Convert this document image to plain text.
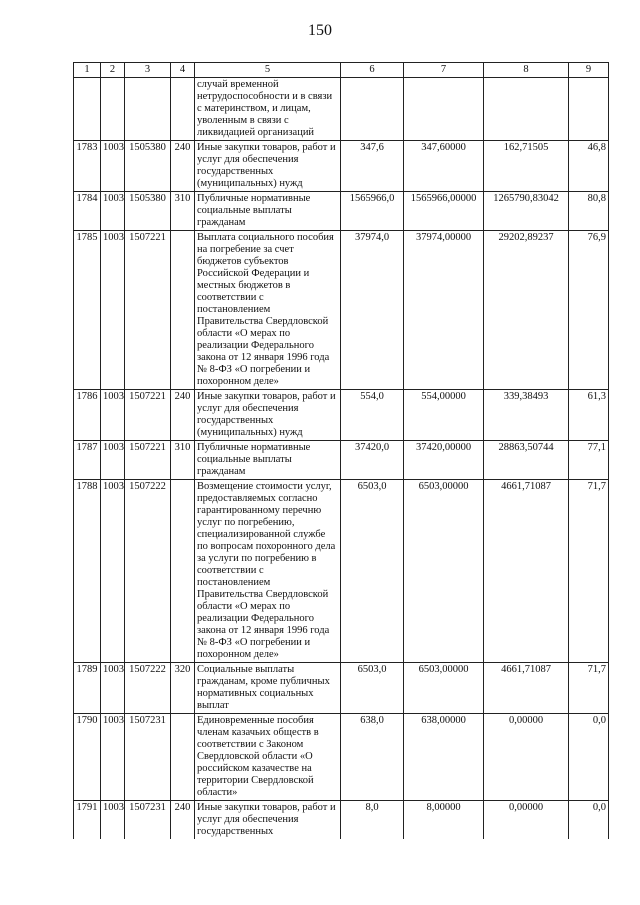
150
1	2	3	4	5	6	7	8	9
				случай временной нетрудоспособности и в связи с материнством, и лицам, уволенным в связи с ликвидацией организаций				
1783	1003	1505380	240	Иные закупки товаров, работ и услуг для обеспечения государственных (муниципальных) нужд	347,6	347,60000	162,71505	46,8
1784	1003	1505380	310	Публичные нормативные социальные выплаты гражданам	1565966,0	1565966,00000	1265790,83042	80,8
1785	1003	1507221		Выплата социального пособия на погребение за счет бюджетов субъектов Российской Федерации и местных бюджетов в соответствии с постановлением Правительства Свердловской области «О мерах по реализации Федерального закона от 12 января 1996 года № 8-ФЗ «О погребении и похоронном деле»	37974,0	37974,00000	29202,89237	76,9
1786	1003	1507221	240	Иные закупки товаров, работ и услуг для обеспечения государственных (муниципальных) нужд	554,0	554,00000	339,38493	61,3
1787	1003	1507221	310	Публичные нормативные социальные выплаты гражданам	37420,0	37420,00000	28863,50744	77,1
1788	1003	1507222		Возмещение стоимости услуг, предоставляемых согласно гарантированному перечню услуг по погребению, специализированной службе по вопросам похоронного дела за услуги по погребению в соответствии с постановлением Правительства Свердловской области «О мерах по реализации Федерального закона от 12 января 1996 года № 8-ФЗ «О погребении и похоронном деле»	6503,0	6503,00000	4661,71087	71,7
1789	1003	1507222	320	Социальные выплаты гражданам, кроме публичных нормативных социальных выплат	6503,0	6503,00000	4661,71087	71,7
1790	1003	1507231		Единовременные пособия членам казачьих обществ в соответствии с Законом Свердловской области «О российском казачестве на территории Свердловской области»	638,0	638,00000	0,00000	0,0
1791	1003	1507231	240	Иные закупки товаров, работ и услуг для обеспечения государственных	8,0	8,00000	0,00000	0,0
